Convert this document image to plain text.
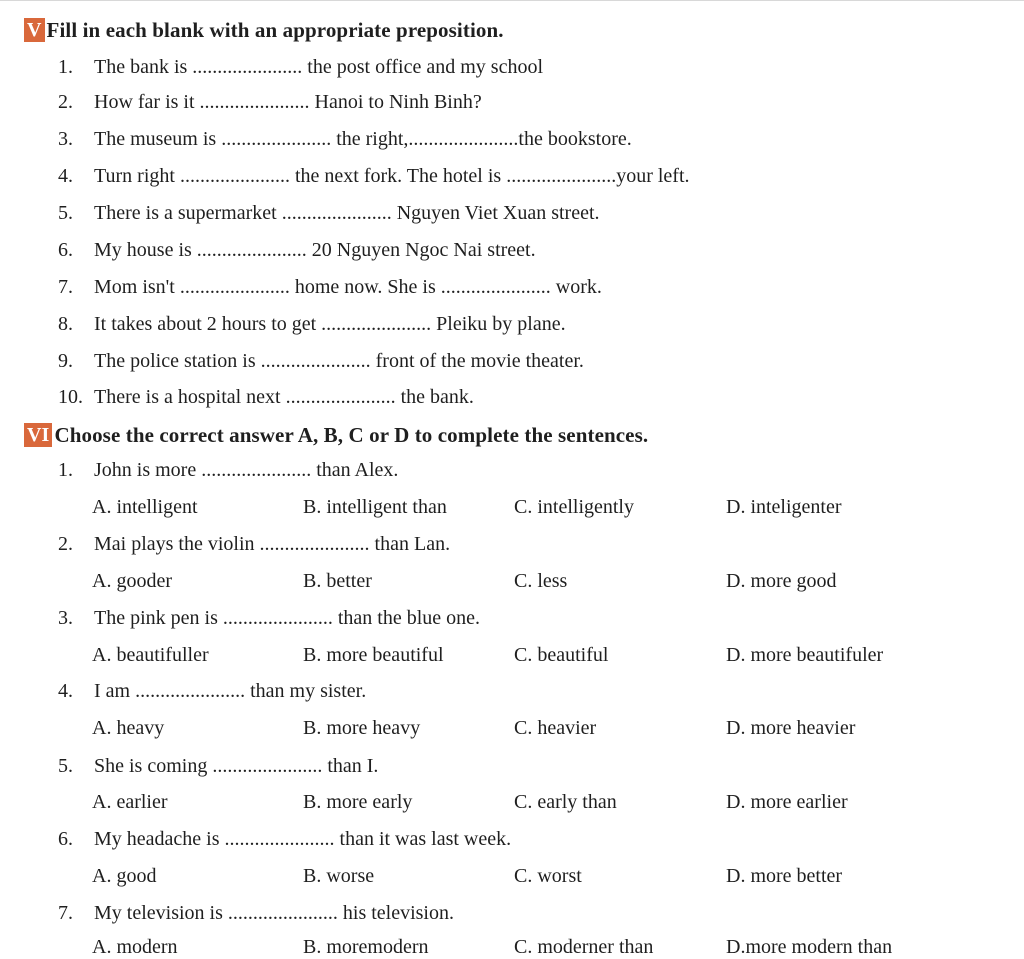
V Fill in each blank with an appropriate preposition.
1. The bank is ...................... the post office and my school
2. How far is it ...................... Hanoi to Ninh Binh?
3. The museum is ...................... the right,......................the bookstore.
4. Turn right ...................... the next fork. The hotel is ......................your left.
5. There is a supermarket ...................... Nguyen Viet Xuan street.
6. My house is ...................... 20 Nguyen Ngoc Nai street.
7. Mom isn't ...................... home now. She is ...................... work.
8. It takes about 2 hours to get ...................... Pleiku by plane.
9. The police station is ...................... front of the movie theater.
10. There is a hospital next ...................... the bank.
VI Choose the correct answer A, B, C or D to complete the sentences.
1. John is more ...................... than Alex.
A. intelligent	B. intelligent than	C. intelligently	D. inteligenter
2. Mai plays the violin ...................... than Lan.
A. gooder	B. better	C. less	D. more good
3. The pink pen is ...................... than the blue one.
A. beautifuller	B. more beautiful	C. beautiful	D. more beautifuler
4. I am ...................... than my sister.
A. heavy	B. more heavy	C. heavier	D. more heavier
5. She is coming ...................... than I.
A. earlier	B. more early	C. early than	D. more earlier
6. My headache is ...................... than it was last week.
A. good	B. worse	C. worst	D. more better
7. My television is ...................... his television.
A. modern	B. moremodern	C. moderner than	D.more modern than
